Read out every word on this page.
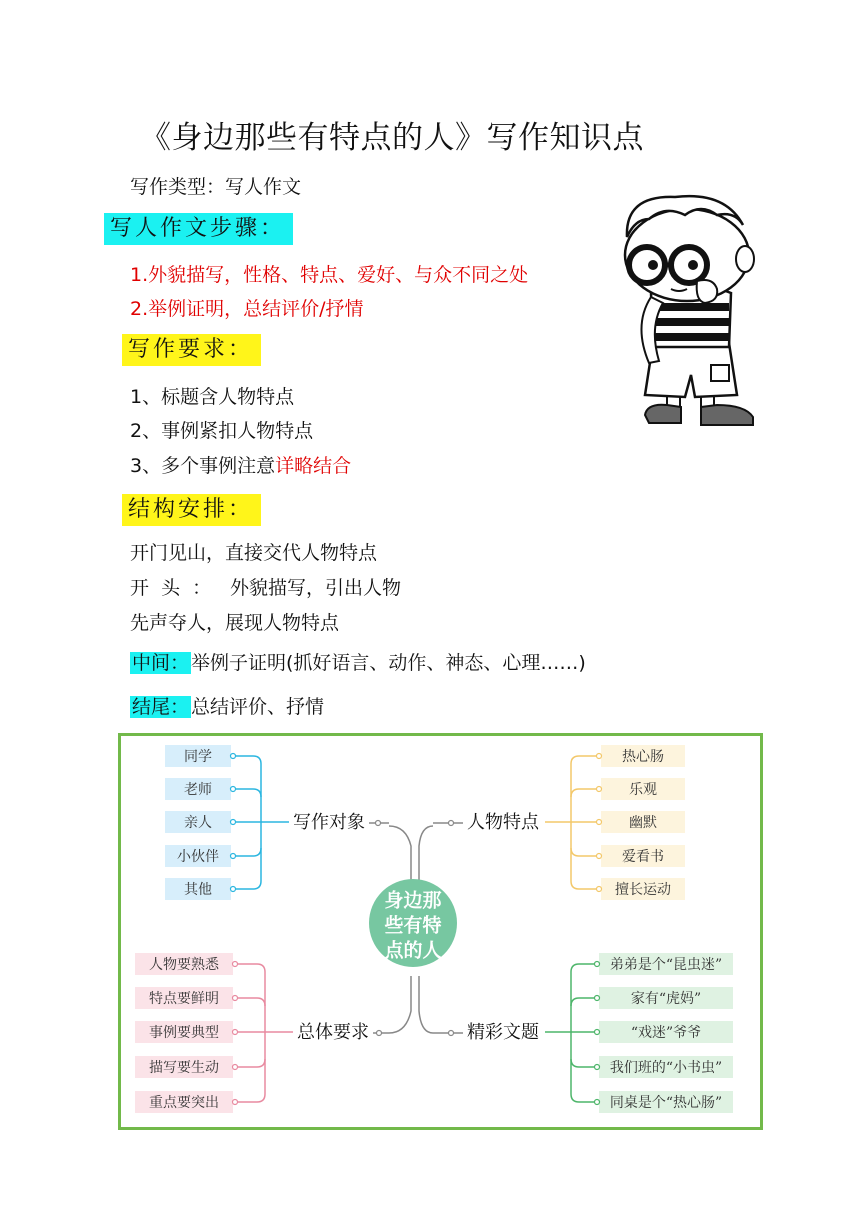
《身边那些有特点的人》写作知识点
写作类型：写人作文
写人作文步骤：
1.外貌描写，性格、特点、爱好、与众不同之处
2.举例证明，总结评价/抒情
写作要求：
1、标题含人物特点
2、事例紧扣人物特点
3、多个事例注意详略结合
结构安排：
开门见山，直接交代人物特点
开  头  ： 外貌描写，引出人物
先声夺人，展现人物特点
中间： 举例子证明(抓好语言、动作、神态、心理……)
结尾： 总结评价、抒情
身边那
些有特
点的人
同学
老师
亲人
小伙伴
其他
写作对象
热心肠
乐观
幽默
爱看书
擅长运动
人物特点
人物要熟悉
特点要鲜明
事例要典型
描写要生动
重点要突出
总体要求
弟弟是个“昆虫迷”
家有“虎妈”
“戏迷”爷爷
我们班的“小书虫”
同桌是个“热心肠”
精彩文题
